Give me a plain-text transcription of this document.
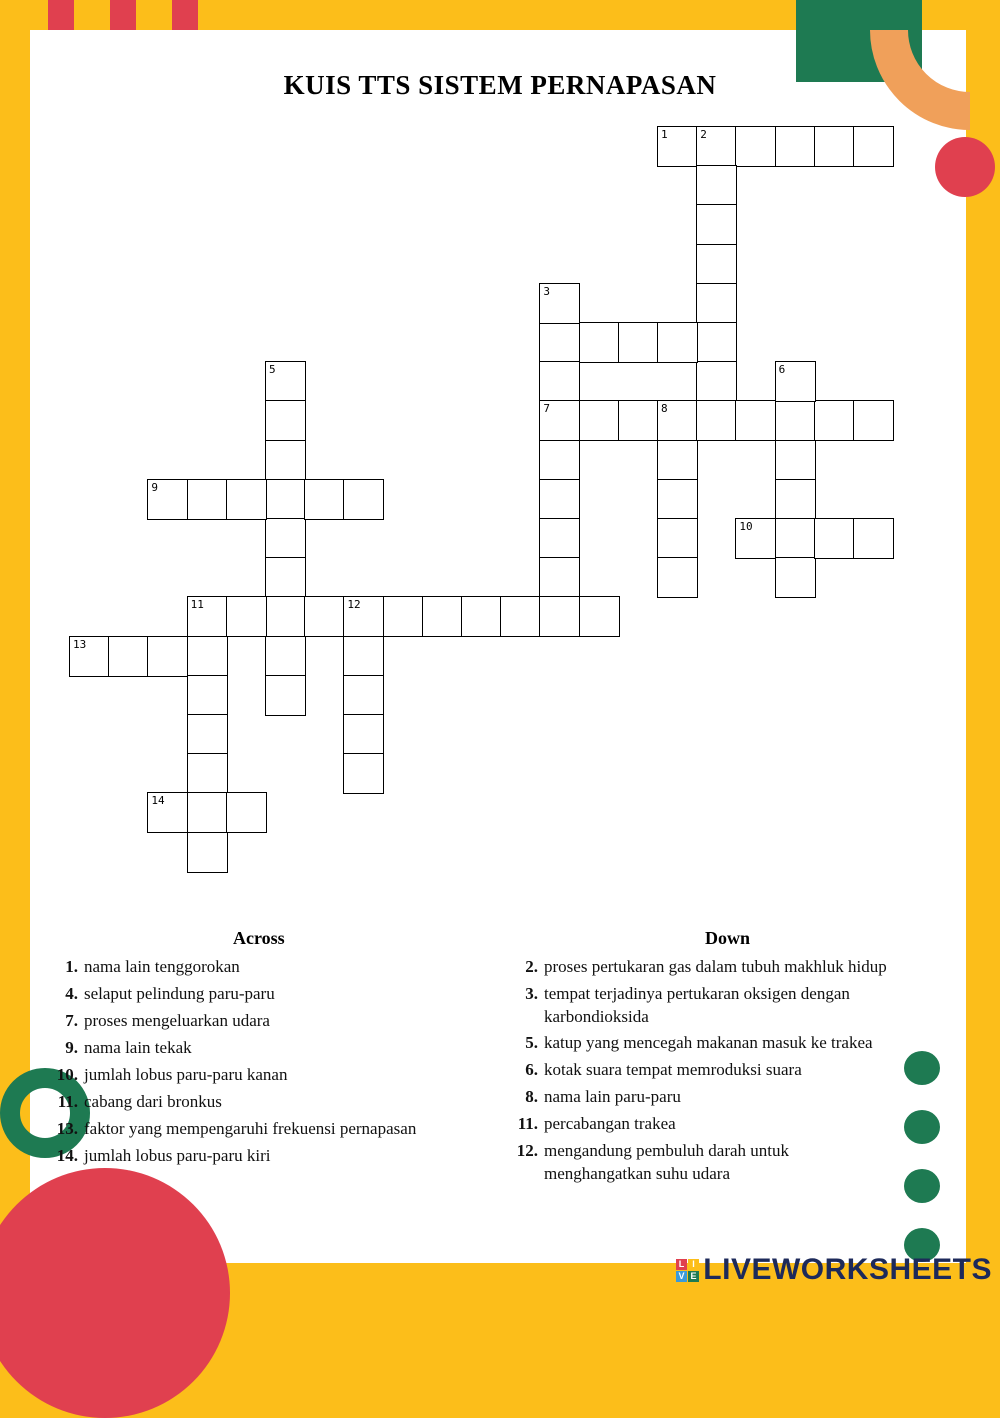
KUIS TTS SISTEM PERNAPASAN
1	2
7
3
8
6
5
9
10
11	12
13
14
Across	Down
1. nama lain tenggorokan
4. selaput pelindung paru-paru
7. proses mengeluarkan udara
9. nama lain tekak
10. jumlah lobus paru-paru kanan
11. cabang dari bronkus
13. faktor yang mempengaruhi frekuensi pernapasan
14. jumlah lobus paru-paru kiri
2. proses pertukaran gas dalam tubuh makhluk hidup
3. tempat terjadinya pertukaran oksigen dengan
karbondioksida
5. katup yang mencegah makanan masuk ke trakea
6. kotak suara tempat memroduksi suara
8. nama lain paru-paru
11. percabangan trakea
12. mengandung pembuluh darah untuk
menghangatkan suhu udara
L I
V E LIVEWORKSHEETS
